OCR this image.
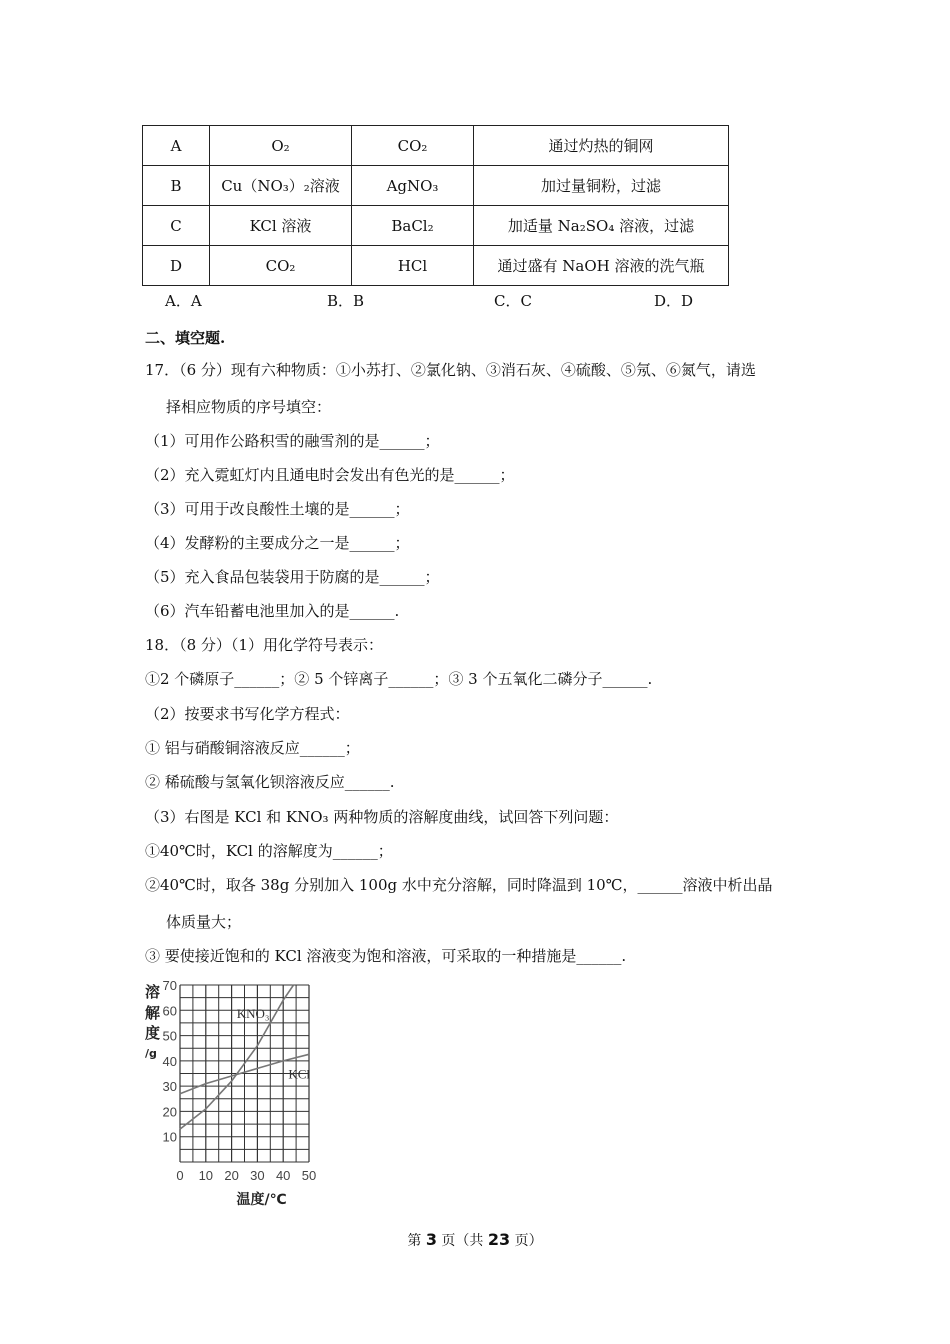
A	O₂	CO₂	通过灼热的铜网
B	Cu（NO₃）₂溶液	AgNO₃	加过量铜粉，过滤
C	KCl 溶液	BaCl₂	加适量 Na₂SO₄ 溶液，过滤
D	CO₂	HCl	通过盛有 NaOH 溶液的洗气瓶
A．A	B．B	C．C	D．D
二、填空题.
17．（6 分）现有六种物质：①小苏打、②氯化钠、③消石灰、④硫酸、⑤氖、⑥氮气，请选
择相应物质的序号填空：
（1）可用作公路积雪的融雪剂的是______；
（2）充入霓虹灯内且通电时会发出有色光的是______；
（3）可用于改良酸性土壤的是______；
（4）发酵粉的主要成分之一是______；
（5）充入食品包装袋用于防腐的是______；
（6）汽车铅蓄电池里加入的是______.
18．（8 分）（1）用化学符号表示：
①2 个磷原子______；② 5 个锌离子______；③ 3 个五氧化二磷分子______.
（2）按要求书写化学方程式：
① 铝与硝酸铜溶液反应______；
② 稀硫酸与氢氧化钡溶液反应______.
（3）右图是 KCl 和 KNO₃ 两种物质的溶解度曲线，试回答下列问题：
①40℃时，KCl 的溶解度为______；
②40℃时，取各 38g 分别加入 100g 水中充分溶解，同时降温到 10℃，______溶液中析出晶
体质量大；
③ 要使接近饱和的 KCl 溶液变为饱和溶液，可采取的一种措施是______.
10
20
30
40
50
60
70
0 10 20 30 40 50
溶
解
度
/g
温度/℃
KNO₃
KCl
第 3 页（共 23 页）
